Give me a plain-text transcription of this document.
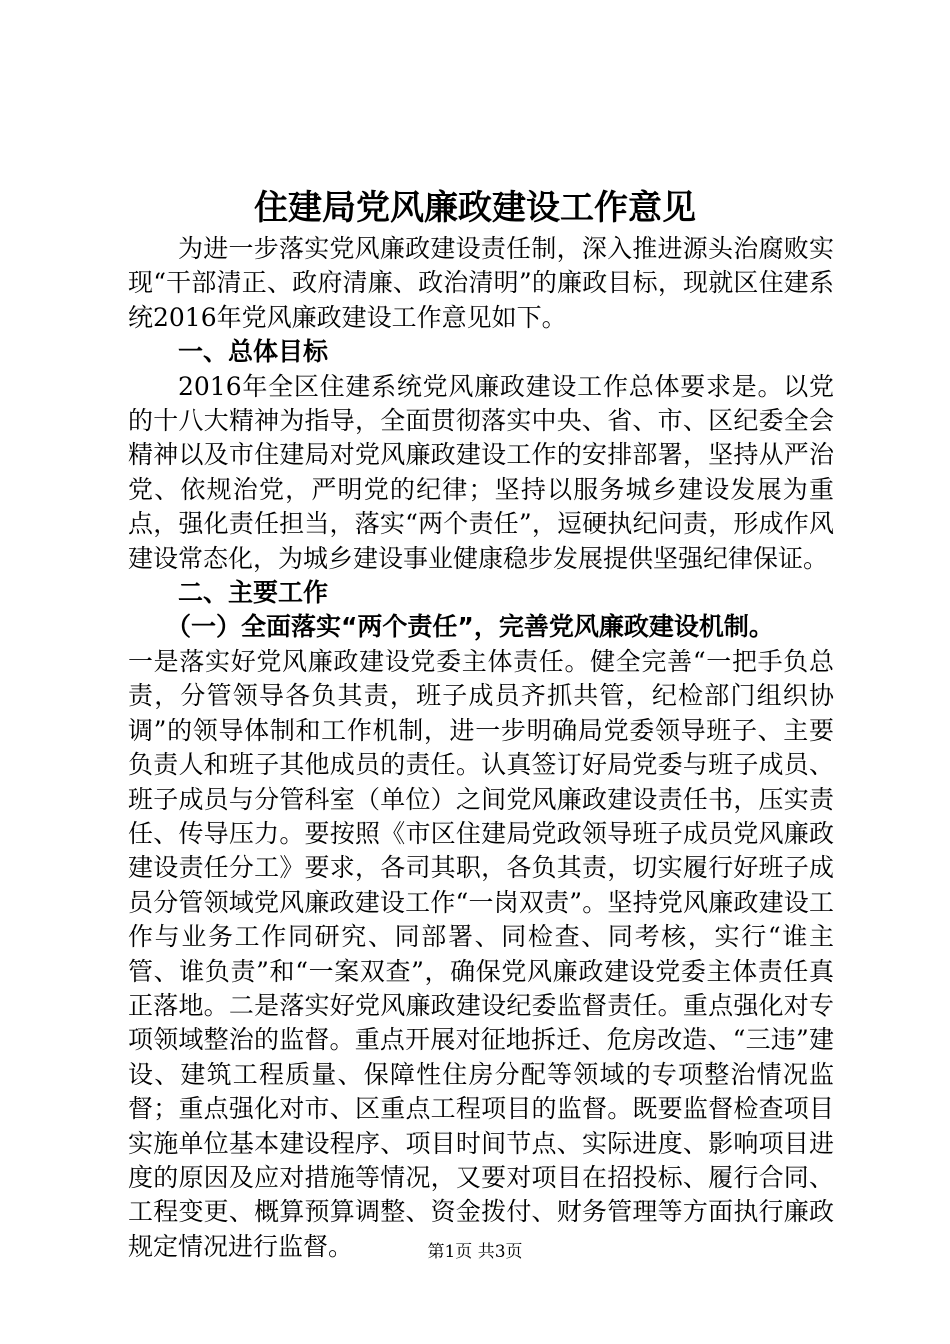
住建局党风廉政建设工作意见

为进一步落实党风廉政建设责任制，深入推进源头治腐败实现“干部清正、政府清廉、政治清明”的廉政目标，现就区住建系统2016年党风廉政建设工作意见如下。

一、总体目标

2016年全区住建系统党风廉政建设工作总体要求是。以党的十八大精神为指导，全面贯彻落实中央、省、市、区纪委全会精神以及市住建局对党风廉政建设工作的安排部署，坚持从严治党、依规治党，严明党的纪律；坚持以服务城乡建设发展为重点，强化责任担当，落实“两个责任”，逗硬执纪问责，形成作风建设常态化，为城乡建设事业健康稳步发展提供坚强纪律保证。

二、主要工作

（一）全面落实“两个责任”，完善党风廉政建设机制。

一是落实好党风廉政建设党委主体责任。健全完善“一把手负总责，分管领导各负其责，班子成员齐抓共管，纪检部门组织协调”的领导体制和工作机制，进一步明确局党委领导班子、主要负责人和班子其他成员的责任。认真签订好局党委与班子成员、班子成员与分管科室（单位）之间党风廉政建设责任书，压实责任、传导压力。要按照《市区住建局党政领导班子成员党风廉政建设责任分工》要求，各司其职，各负其责，切实履行好班子成员分管领域党风廉政建设工作“一岗双责”。坚持党风廉政建设工作与业务工作同研究、同部署、同检查、同考核，实行“谁主管、谁负责”和“一案双查”，确保党风廉政建设党委主体责任真正落地。二是落实好党风廉政建设纪委监督责任。重点强化对专项领域整治的监督。重点开展对征地拆迁、危房改造、“三违”建设、建筑工程质量、保障性住房分配等领域的专项整治情况监督；重点强化对市、区重点工程项目的监督。既要监督检查项目实施单位基本建设程序、项目时间节点、实际进度、影响项目进度的原因及应对措施等情况，又要对项目在招投标、履行合同、工程变更、概算预算调整、资金拨付、财务管理等方面执行廉政规定情况进行监督。	第1页 共3页
